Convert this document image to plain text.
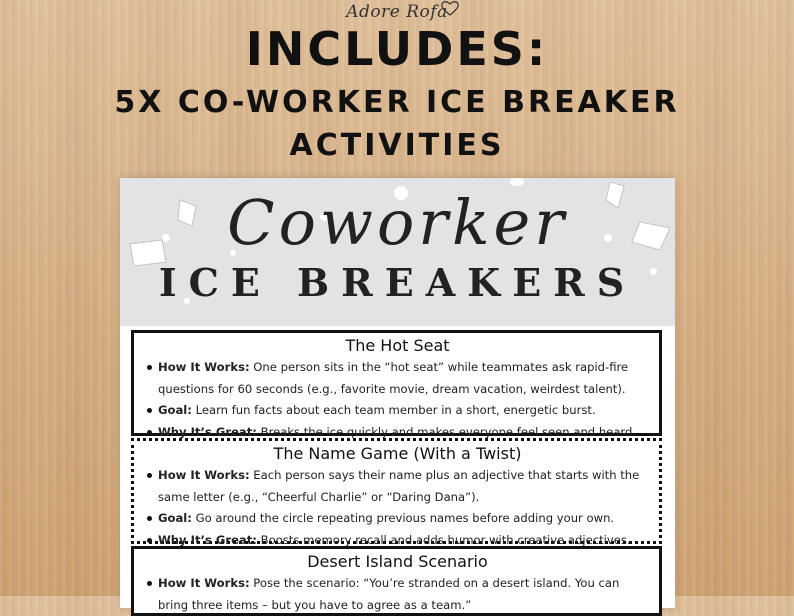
Adore Rofa
INCLUDES:
5X CO-WORKER ICE BREAKER
ACTIVITIES
Coworker
ICE BREAKERS
The Hot Seat
How It Works: One person sits in the “hot seat” while teammates ask rapid-fire questions for 60 seconds (e.g., favorite movie, dream vacation, weirdest talent).
Goal: Learn fun facts about each team member in a short, energetic burst.
Why It’s Great: Breaks the ice quickly and makes everyone feel seen and heard.
The Name Game (With a Twist)
How It Works: Each person says their name plus an adjective that starts with the same letter (e.g., “Cheerful Charlie” or “Daring Dana”).
Goal: Go around the circle repeating previous names before adding your own.
Why It’s Great: Boosts memory recall and adds humor with creative adjectives.
Desert Island Scenario
How It Works: Pose the scenario: “You’re stranded on a desert island. You can bring three items – but you have to agree as a team.”
